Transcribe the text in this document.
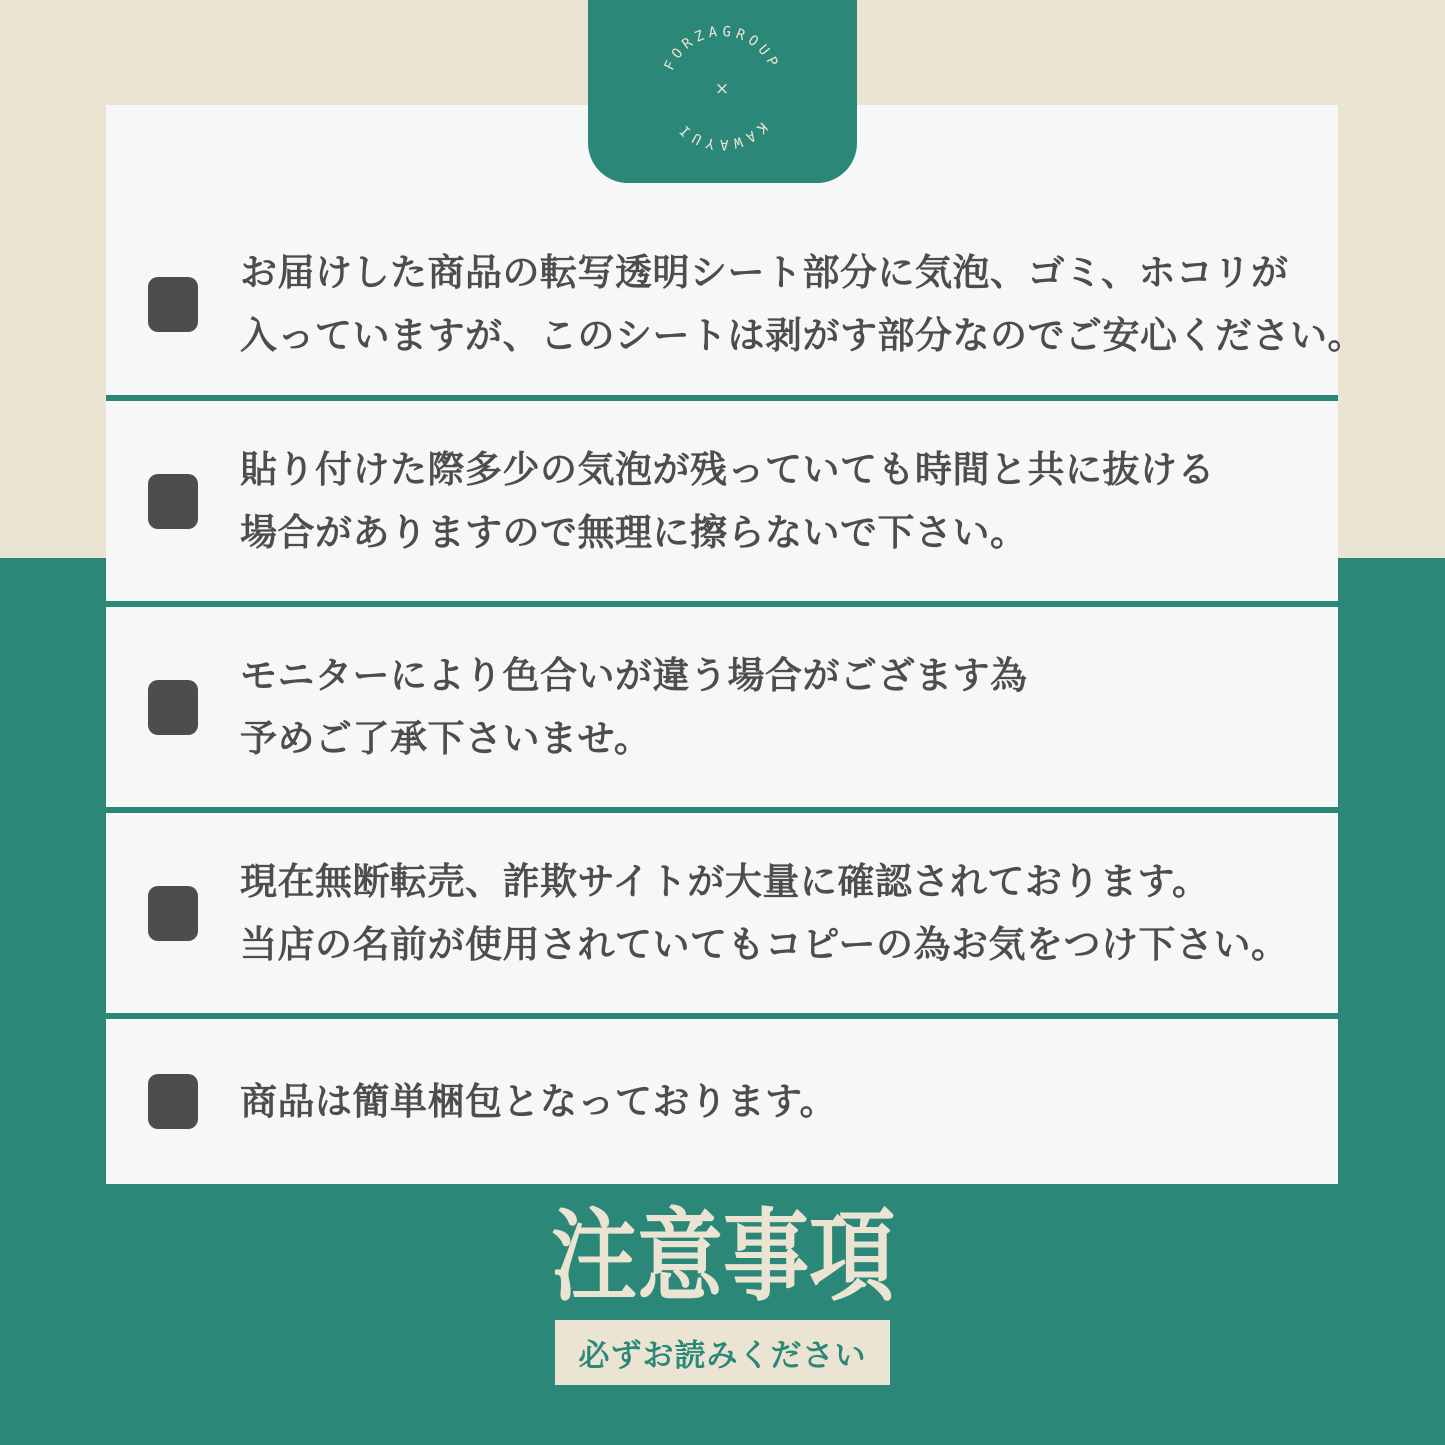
お届けした商品の転写透明シート部分に気泡、ゴミ、ホコリが
入っていますが、このシートは剥がす部分なのでご安心ください。
貼り付けた際多少の気泡が残っていても時間と共に抜ける
場合がありますので無理に擦らないで下さい。
モニターにより色合いが違う場合がござます為
予めご了承下さいませ。
現在無断転売、詐欺サイトが大量に確認されております。
当店の名前が使用されていてもコピーの為お気をつけ下さい。
商品は簡単梱包となっております。
FORZAGROUP
KAWAYUI
×
注意事項
必ずお読みください
